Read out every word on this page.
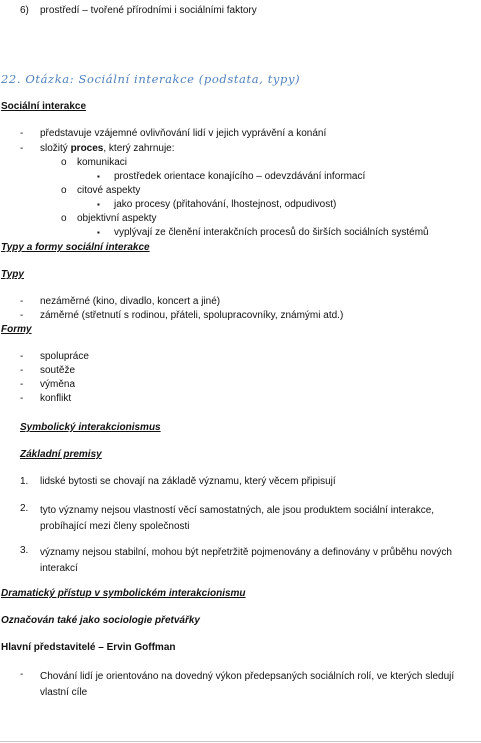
6) prostředí – tvořené přírodními i sociálními faktory
22. Otázka: Sociální interakce (podstata, typy)
Sociální interakce
- představuje vzájemné ovlivňování lidí v jejich vyprávění a konání
- složitý proces, který zahrnuje:
o komunikaci
▪ prostředek orientace konajícího – odevzdávání informací
o citové aspekty
▪ jako procesy (přitahování, lhostejnost, odpudivost)
o objektivní aspekty
▪ vyplývají ze členění interakčních procesů do širších sociálních systémů
Typy a formy sociální interakce
Typy
- nezáměrné (kino, divadlo, koncert a jiné)
- záměrné (střetnutí s rodinou, přáteli, spolupracovníky, známými atd.)
Formy
- spolupráce
- soutěže
- výměna
- konflikt
Symbolický interakcionismus
Základní premisy
1. lidské bytosti se chovají na základě významu, který věcem připisují
2. tyto významy nejsou vlastností věcí samostatných, ale jsou produktem sociální interakce, probíhající mezi členy společnosti
3. významy nejsou stabilní, mohou být nepřetržitě pojmenovány a definovány v průběhu nových interakcí
Dramatický přístup v symbolickém interakcionismu
Označován také jako sociologie přetvářky
Hlavní představitelé – Ervin Goffman
- Chování lidí je orientováno na dovedný výkon předepsaných sociálních rolí, ve kterých sledují vlastní cíle
